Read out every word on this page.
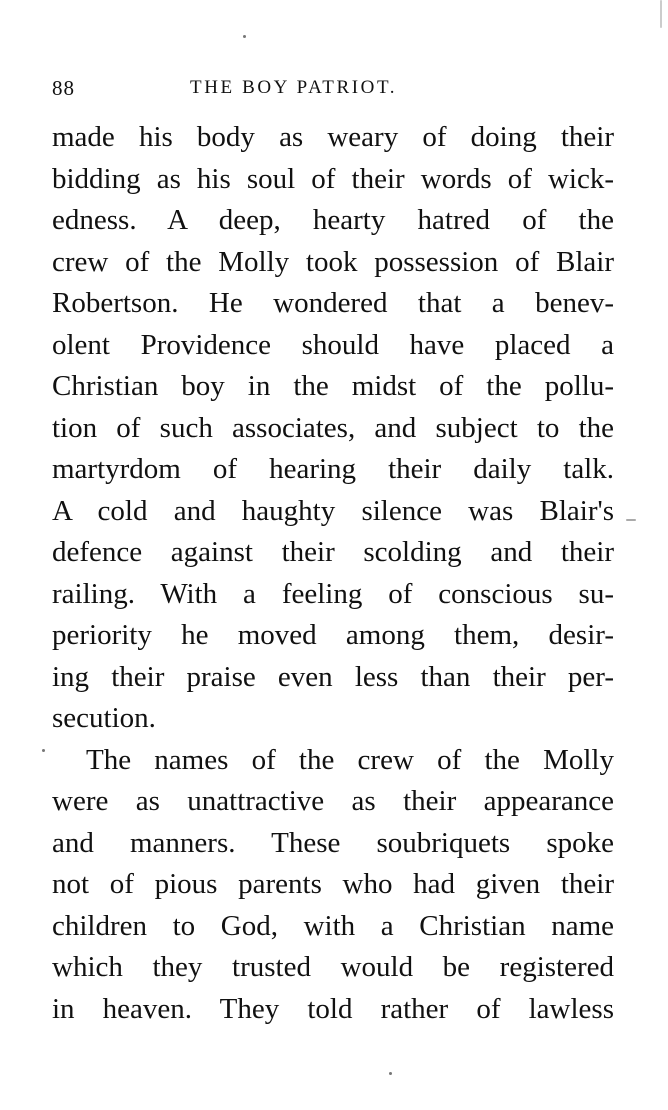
88	THE BOY PATRIOT.
made his body as weary of doing their
bidding as his soul of their words of wick-
edness. A deep, hearty hatred of the
crew of the Molly took possession of Blair
Robertson. He wondered that a benev-
olent Providence should have placed a
Christian boy in the midst of the pollu-
tion of such associates, and subject to the
martyrdom of hearing their daily talk.
A cold and haughty silence was Blair's
defence against their scolding and their
railing. With a feeling of conscious su-
periority he moved among them, desir-
ing their praise even less than their per-
secution.
The names of the crew of the Molly
were as unattractive as their appearance
and manners. These soubriquets spoke
not of pious parents who had given their
children to God, with a Christian name
which they trusted would be registered
in heaven. They told rather of lawless
